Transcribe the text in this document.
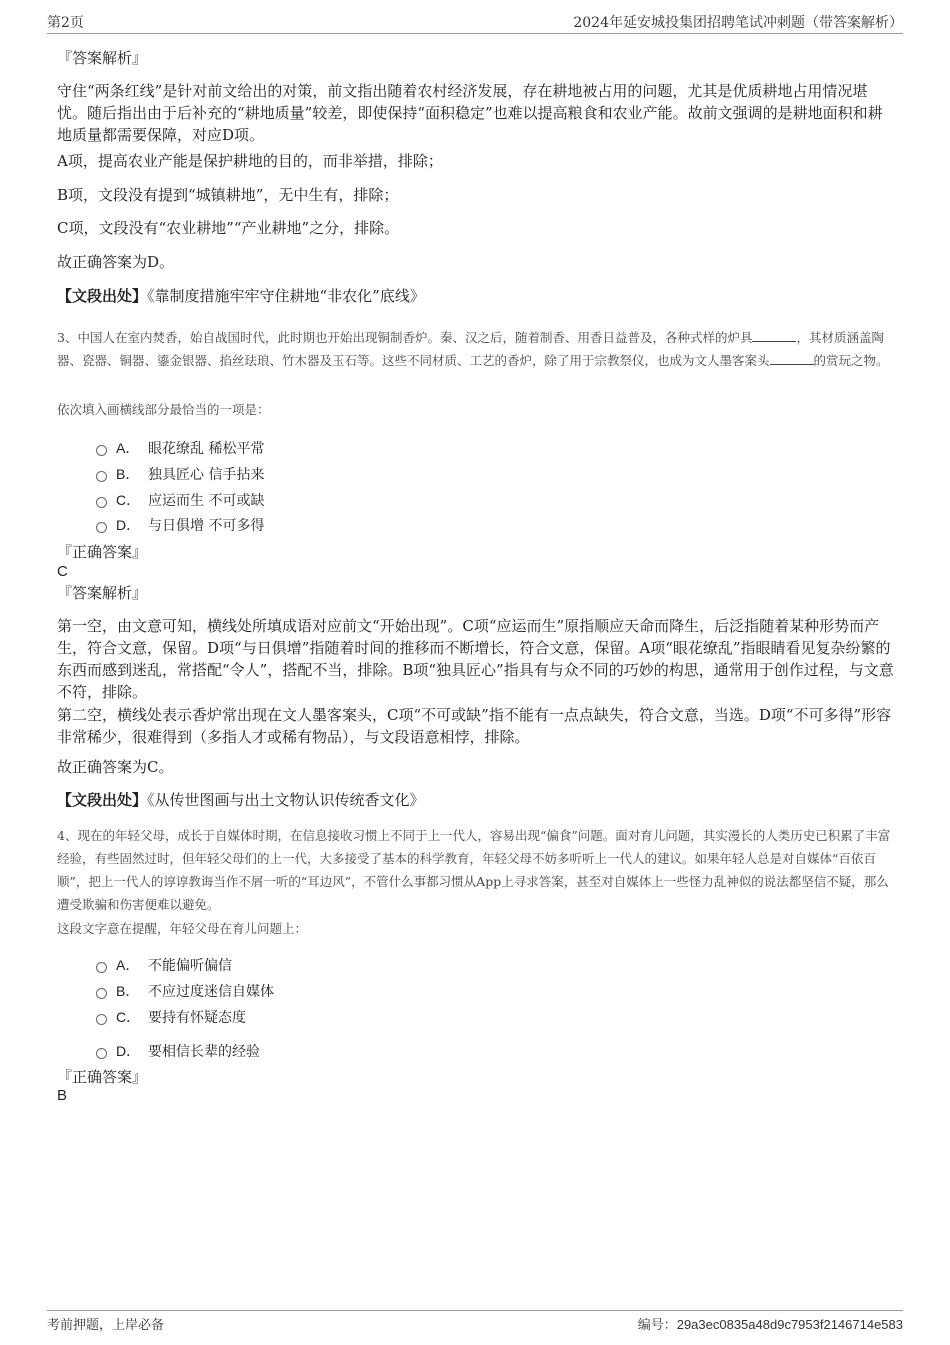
第2页	2024年延安城投集团招聘笔试冲刺题（带答案解析）
『答案解析』
守住“两条红线”是针对前文给出的对策，前文指出随着农村经济发展，存在耕地被占用的问题，尤其是优质耕地占用情况堪忧。随后指出由于后补充的“耕地质量”较差，即使保持“面积稳定”也难以提高粮食和农业产能。故前文强调的是耕地面积和耕地质量都需要保障，对应D项。
A项，提高农业产能是保护耕地的目的，而非举措，排除；
B项，文段没有提到“城镇耕地”，无中生有，排除；
C项，文段没有“农业耕地”“产业耕地”之分，排除。
故正确答案为D。
【文段出处】《靠制度措施牢牢守住耕地“非农化”底线》
3、中国人在室内焚香，始自战国时代，此时期也开始出现铜制香炉。秦、汉之后，随着制香、用香日益普及，各种式样的炉具	，其材质涵盖陶器、瓷器、铜器、鎏金银器、掐丝珐琅、竹木器及玉石等。这些不同材质、工艺的香炉，除了用于宗教祭仪，也成为文人墨客案头	的赏玩之物。
依次填入画横线部分最恰当的一项是：
A． 眼花缭乱 稀松平常
B． 独具匠心 信手拈来
C． 应运而生 不可或缺
D． 与日俱增 不可多得
『正确答案』
C
『答案解析』
第一空，由文意可知，横线处所填成语对应前文“开始出现”。C项“应运而生”原指顺应天命而降生，后泛指随着某种形势而产生，符合文意，保留。D项“与日俱增”指随着时间的推移而不断增长，符合文意，保留。A项“眼花缭乱”指眼睛看见复杂纷繁的东西而感到迷乱，常搭配“令人”，搭配不当，排除。B项“独具匠心”指具有与众不同的巧妙的构思，通常用于创作过程，与文意不符，排除。
第二空，横线处表示香炉常出现在文人墨客案头，C项“不可或缺”指不能有一点点缺失，符合文意，当选。D项“不可多得”形容非常稀少，很难得到（多指人才或稀有物品），与文段语意相悖，排除。
故正确答案为C。
【文段出处】《从传世图画与出土文物认识传统香文化》
4、现在的年轻父母，成长于自媒体时期，在信息接收习惯上不同于上一代人，容易出现“偏食”问题。面对育儿问题，其实漫长的人类历史已积累了丰富经验，有些固然过时，但年轻父母们的上一代，大多接受了基本的科学教育，年轻父母不妨多听听上一代人的建议。如果年轻人总是对自媒体“百依百顺”，把上一代人的谆谆教诲当作不屑一听的“耳边风”，不管什么事都习惯从App上寻求答案，甚至对自媒体上一些怪力乱神似的说法都坚信不疑，那么遭受欺骗和伤害便难以避免。
这段文字意在提醒，年轻父母在育儿问题上：
A． 不能偏听偏信
B． 不应过度迷信自媒体
C． 要持有怀疑态度
D． 要相信长辈的经验
『正确答案』
B
考前押题，上岸必备	编号：29a3ec0835a48d9c7953f2146714e583
